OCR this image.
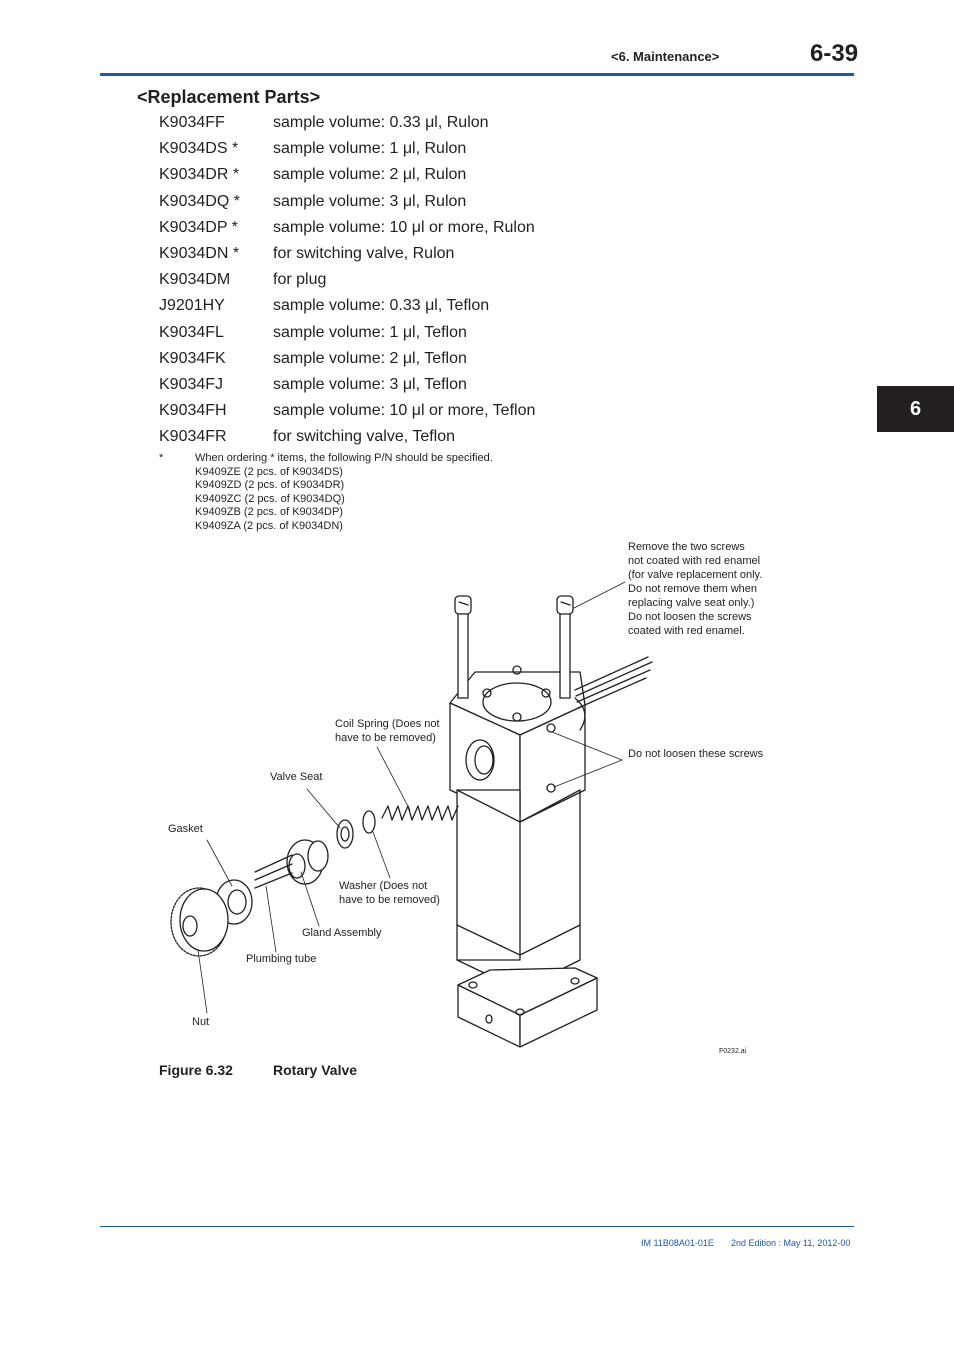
<6. Maintenance>	6-39
6
<Replacement Parts>
K9034FF	sample volume: 0.33 μl, Rulon
K9034DS * sample volume: 1 μl, Rulon
K9034DR * sample volume: 2 μl, Rulon
K9034DQ * sample volume: 3 μl, Rulon
K9034DP * sample volume: 10 μl or more, Rulon
K9034DN * for switching valve, Rulon
K9034DM	for plug
J9201HY	sample volume: 0.33 μl, Teflon
K9034FL	sample volume: 1 μl, Teflon
K9034FK	sample volume: 2 μl, Teflon
K9034FJ	sample volume: 3 μl, Teflon
K9034FH	sample volume: 10 μl or more, Teflon
K9034FR	for switching valve, Teflon
*	When ordering * items, the following P/N should be specified.
K9409ZE (2 pcs. of K9034DS)
K9409ZD (2 pcs. of K9034DR)
K9409ZC (2 pcs. of K9034DQ)
K9409ZB (2 pcs. of K9034DP)
K9409ZA (2 pcs. of K9034DN)
Remove the two screws
not coated with red enamel
(for valve replacement only.
Do not remove them when
replacing valve seat only.)
Do not loosen the screws
coated with red enamel.
Do not loosen these screws
Coil Spring (Does not
have to be removed)
Valve Seat
Gasket
Washer (Does not
have to be removed)
Gland Assembly
Plumbing tube
Nut
F0232.ai
Figure 6.32	Rotary Valve
IM 11B08A01-01E 2nd Edition : May 11, 2012-00
